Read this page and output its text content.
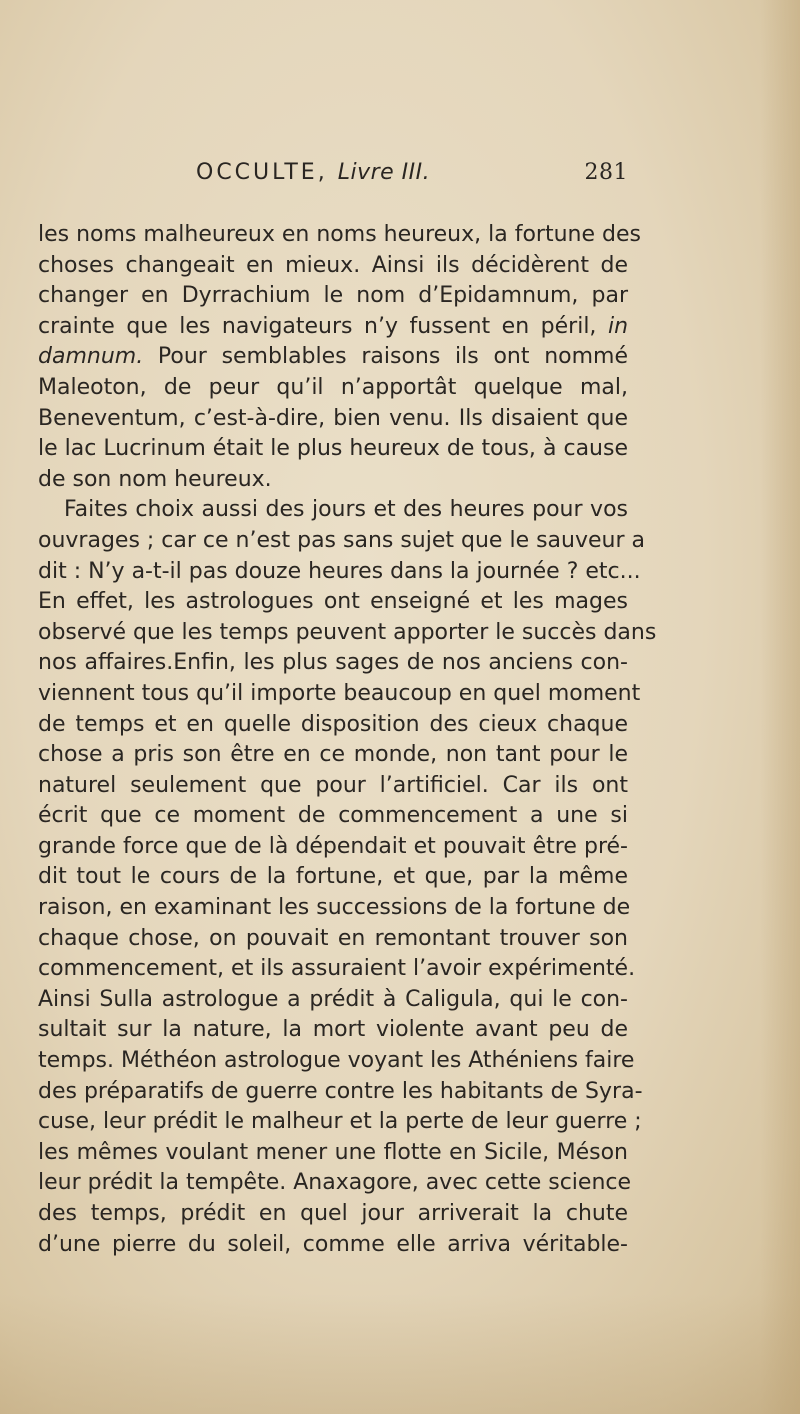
OCCULTE, Livre III.	281
les noms malheureux en noms heureux, la fortune des
choses changeait en mieux. Ainsi ils décidèrent de
changer en Dyrrachium le nom d’Epidamnum, par
crainte que les navigateurs n’y fussent en péril, in
damnum. Pour semblables raisons ils ont nommé
Maleoton, de peur qu’il n’apportât quelque mal,
Beneventum, c’est-à-dire, bien venu. Ils disaient que
le lac Lucrinum était le plus heureux de tous, à cause
de son nom heureux.
Faites choix aussi des jours et des heures pour vos
ouvrages ; car ce n’est pas sans sujet que le sauveur a
dit : N’y a-t-il pas douze heures dans la journée ? etc...
En effet, les astrologues ont enseigné et les mages
observé que les temps peuvent apporter le succès dans
nos affaires.Enfin, les plus sages de nos anciens con-
viennent tous qu’il importe beaucoup en quel moment
de temps et en quelle disposition des cieux chaque
chose a pris son être en ce monde, non tant pour le
naturel seulement que pour l’artificiel. Car ils ont
écrit que ce moment de commencement a une si
grande force que de là dépendait et pouvait être pré-
dit tout le cours de la fortune, et que, par la même
raison, en examinant les successions de la fortune de
chaque chose, on pouvait en remontant trouver son
commencement, et ils assuraient l’avoir expérimenté.
Ainsi Sulla astrologue a prédit à Caligula, qui le con-
sultait sur la nature, la mort violente avant peu de
temps. Méthéon astrologue voyant les Athéniens faire
des préparatifs de guerre contre les habitants de Syra-
cuse, leur prédit le malheur et la perte de leur guerre ;
les mêmes voulant mener une flotte en Sicile, Méson
leur prédit la tempête. Anaxagore, avec cette science
des temps, prédit en quel jour arriverait la chute
d’une pierre du soleil, comme elle arriva véritable-
